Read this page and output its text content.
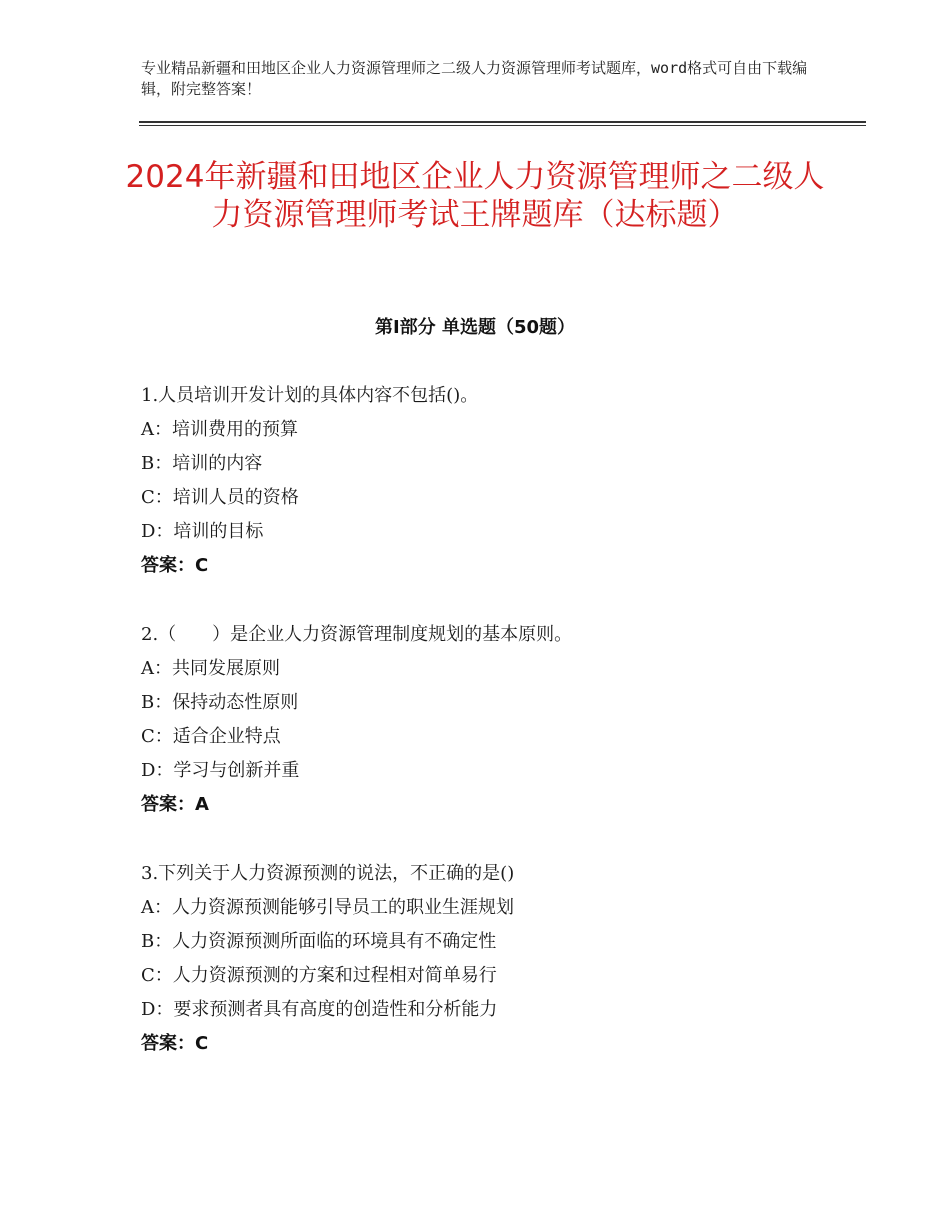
专业精品新疆和田地区企业人力资源管理师之二级人力资源管理师考试题库，word格式可自由下载编辑，附完整答案！
2024年新疆和田地区企业人力资源管理师之二级人力资源管理师考试王牌题库（达标题）
第Ⅰ部分 单选题（50题）
1.人员培训开发计划的具体内容不包括()。
A：培训费用的预算
B：培训的内容
C：培训人员的资格
D：培训的目标
答案：C
2.（　　）是企业人力资源管理制度规划的基本原则。
A：共同发展原则
B：保持动态性原则
C：适合企业特点
D：学习与创新并重
答案：A
3.下列关于人力资源预测的说法，不正确的是()
A：人力资源预测能够引导员工的职业生涯规划
B：人力资源预测所面临的环境具有不确定性
C：人力资源预测的方案和过程相对简单易行
D：要求预测者具有高度的创造性和分析能力
答案：C
